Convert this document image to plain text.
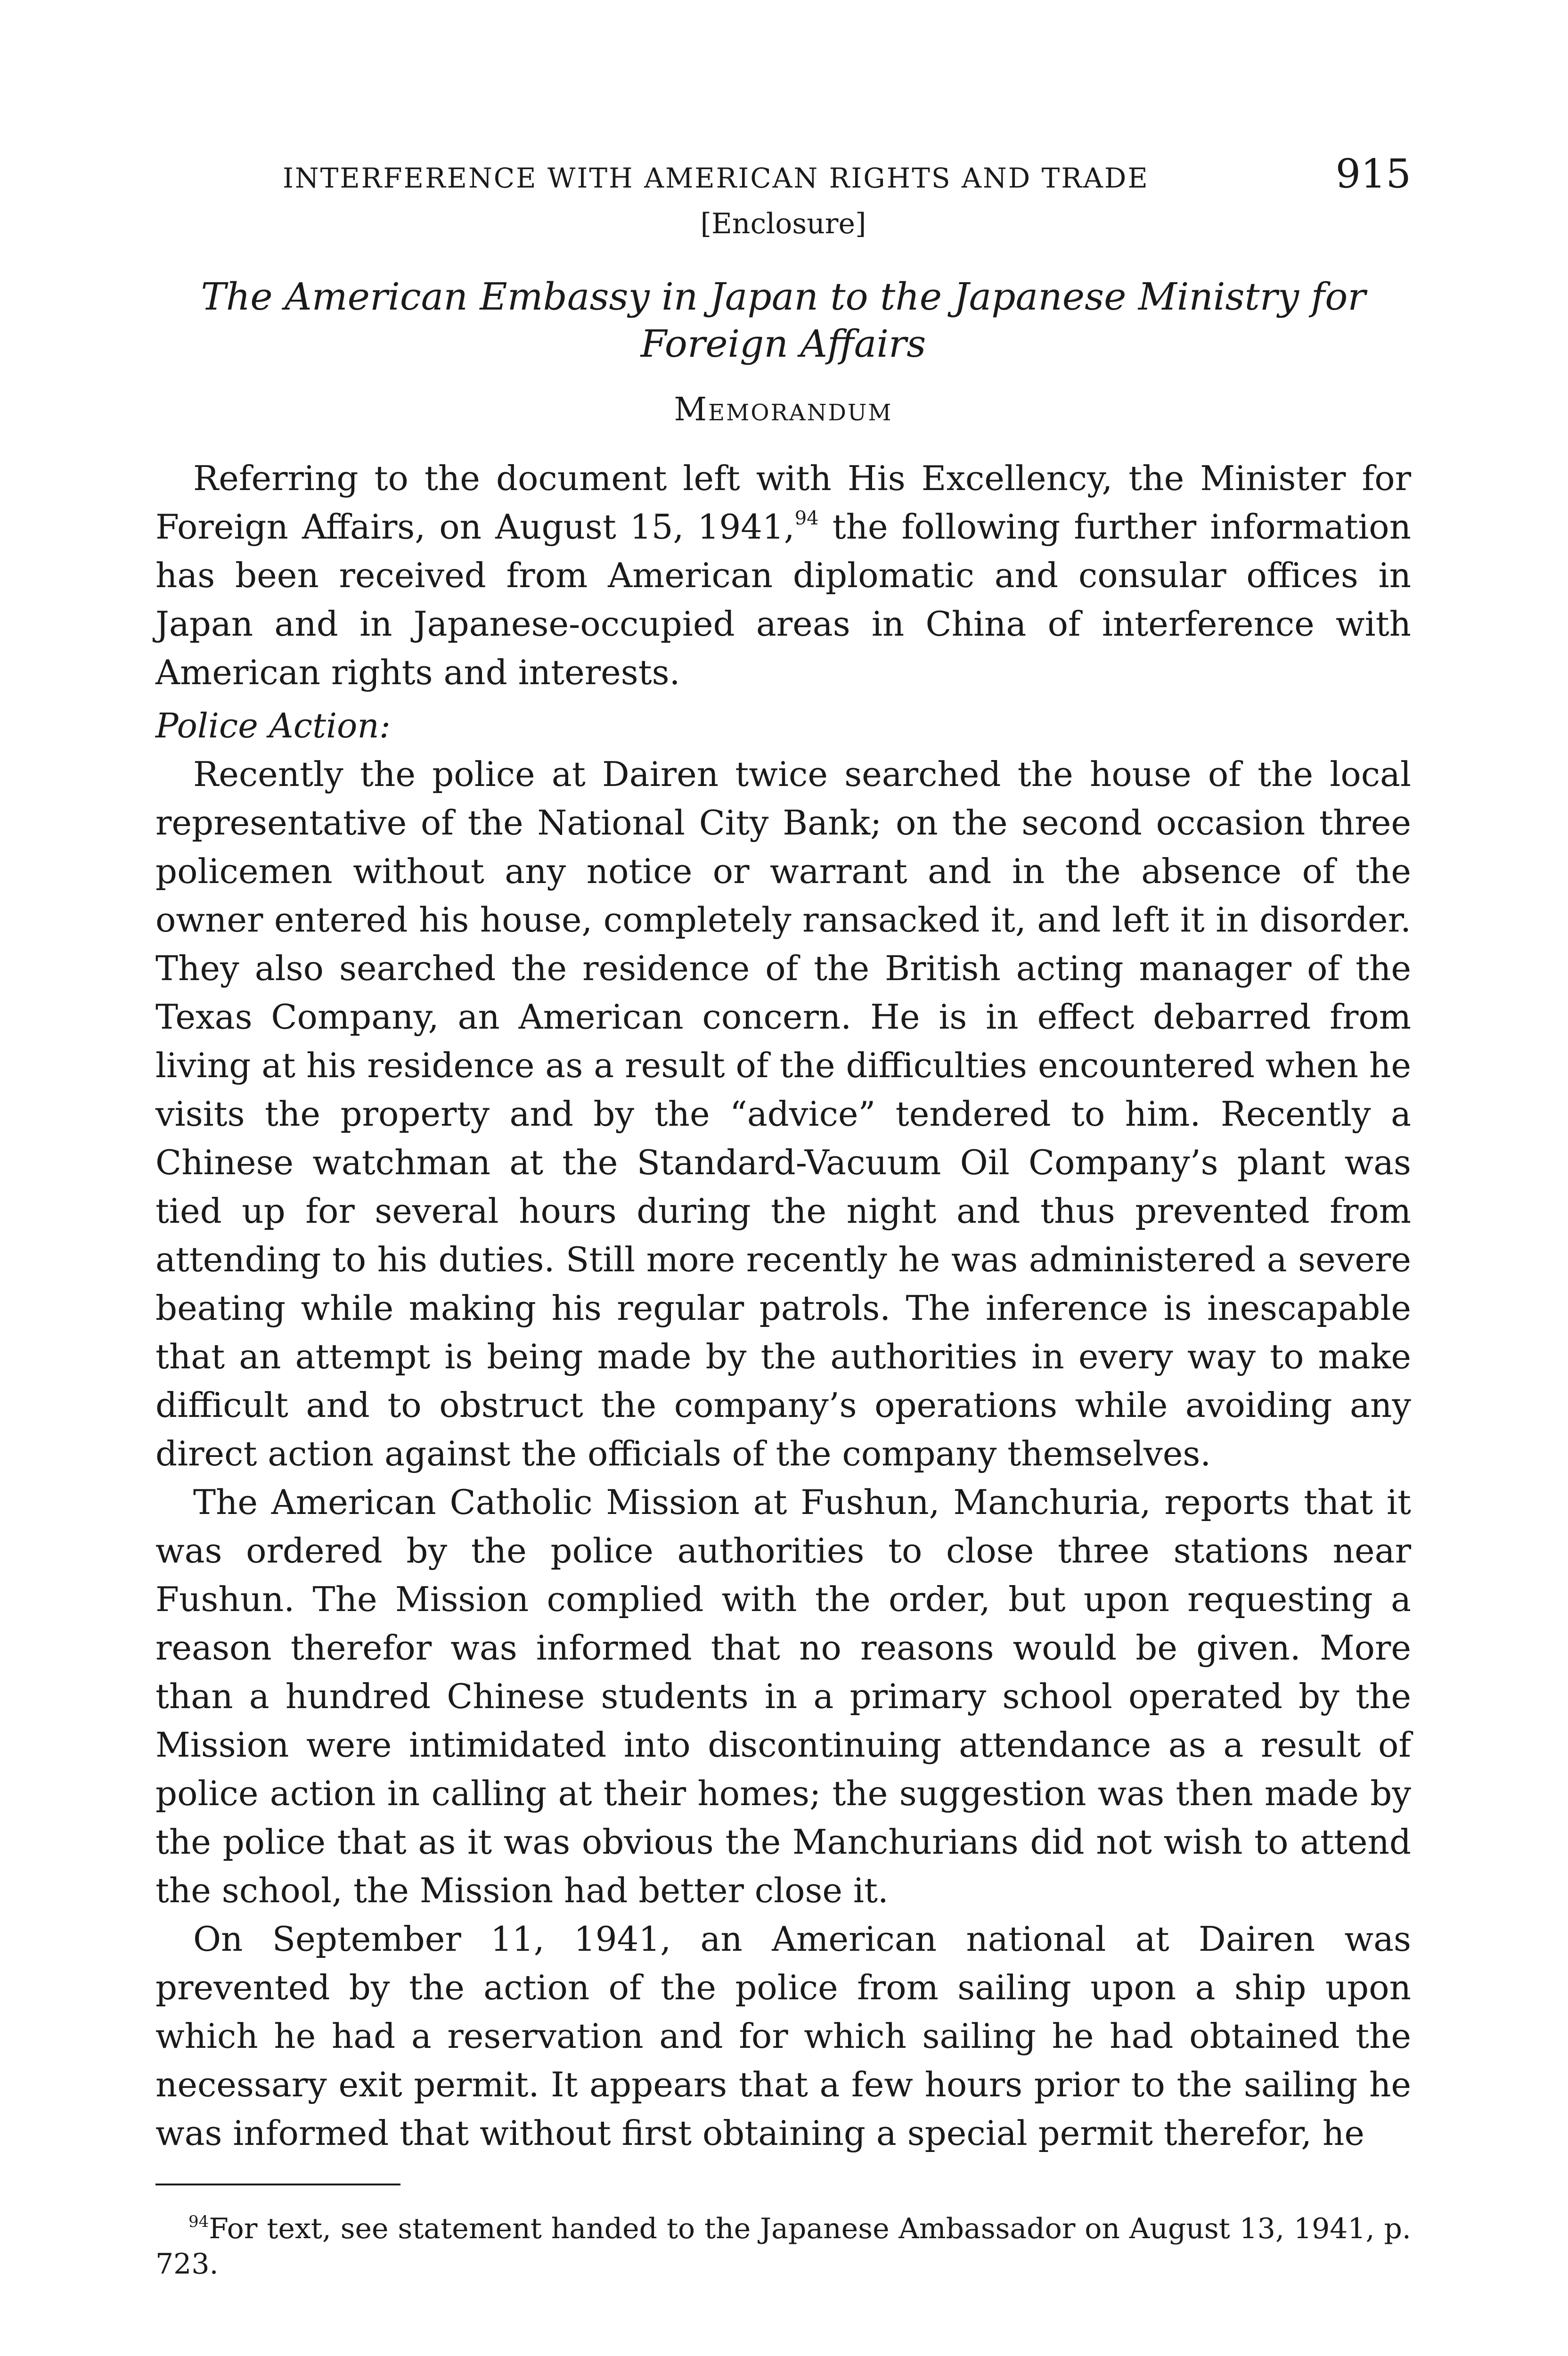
INTERFERENCE WITH AMERICAN RIGHTS AND TRADE	915
[Enclosure]
The American Embassy in Japan to the Japanese Ministry for Foreign Affairs
Memorandum

Referring to the document left with His Excellency, the Minister for Foreign Affairs, on August 15, 1941,94 the following further information has been received from American diplomatic and consular offices in Japan and in Japanese-occupied areas in China of interference with American rights and interests.

Police Action:

Recently the police at Dairen twice searched the house of the local representative of the National City Bank; on the second occasion three policemen without any notice or warrant and in the absence of the owner entered his house, completely ransacked it, and left it in disorder. They also searched the residence of the British acting manager of the Texas Company, an American concern. He is in effect debarred from living at his residence as a result of the difficulties encountered when he visits the property and by the “advice” tendered to him. Recently a Chinese watchman at the Standard-Vacuum Oil Company’s plant was tied up for several hours during the night and thus prevented from attending to his duties. Still more recently he was administered a severe beating while making his regular patrols. The inference is inescapable that an attempt is being made by the authorities in every way to make difficult and to obstruct the company’s operations while avoiding any direct action against the officials of the company themselves.

The American Catholic Mission at Fushun, Manchuria, reports that it was ordered by the police authorities to close three stations near Fushun. The Mission complied with the order, but upon requesting a reason therefor was informed that no reasons would be given. More than a hundred Chinese students in a primary school operated by the Mission were intimidated into discontinuing attendance as a result of police action in calling at their homes; the suggestion was then made by the police that as it was obvious the Manchurians did not wish to attend the school, the Mission had better close it.

On September 11, 1941, an American national at Dairen was prevented by the action of the police from sailing upon a ship upon which he had a reservation and for which sailing he had obtained the necessary exit permit. It appears that a few hours prior to the sailing he was informed that without first obtaining a special permit therefor, he

$^{94}$For text, see statement handed to the Japanese Ambassador on August 13, 1941, p. 723.
